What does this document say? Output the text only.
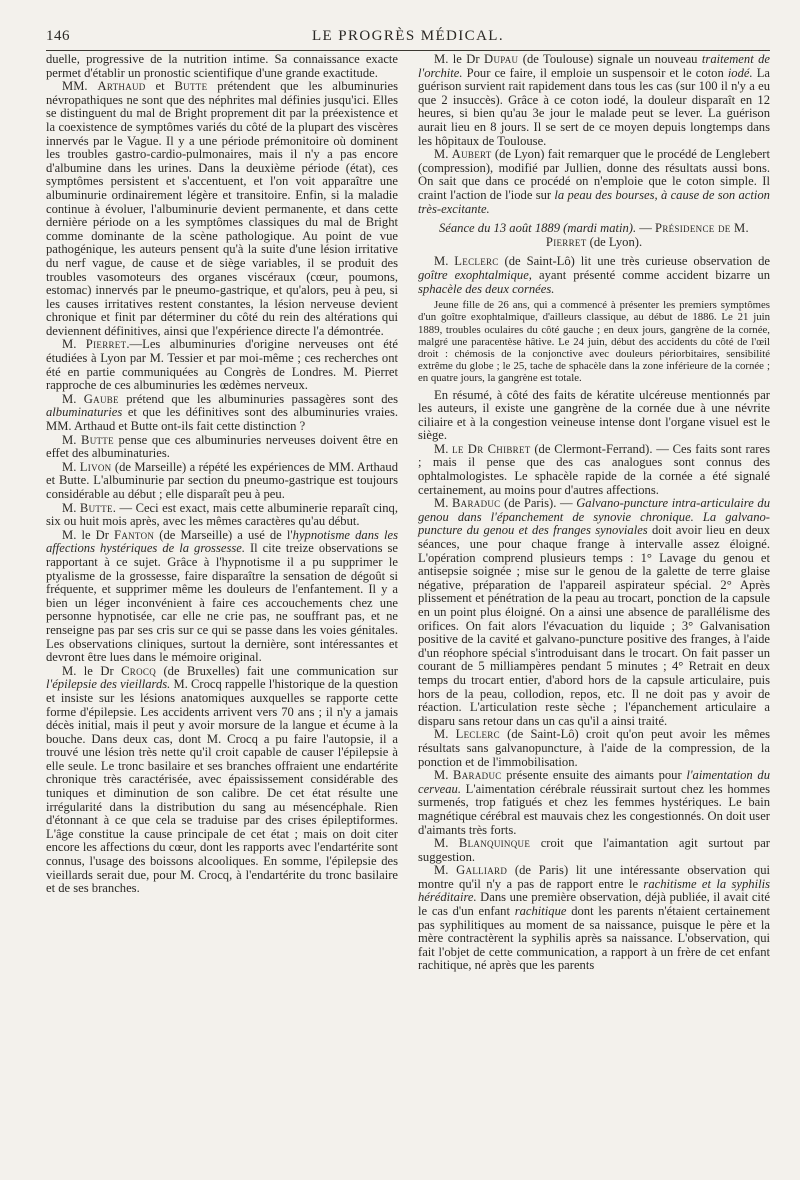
146	LE PROGRÈS MÉDICAL.

duelle, progressive de la nutrition intime. Sa connaissance exacte permet d'établir un pronostic scientifique d'une grande exactitude.

MM. Arthaud et Butte prétendent que les albuminuries névropathiques ne sont que des néphrites mal définies jusqu'ici. Elles se distinguent du mal de Bright proprement dit par la préexistence et la coexistence de symptômes variés du côté de la plupart des viscères innervés par le Vague. Il y a une période prémonitoire où dominent les troubles gastro-cardio-pulmonaires, mais il n'y a pas encore d'albumine dans les urines. Dans la deuxième période (état), ces symptômes persistent et s'accentuent, et l'on voit apparaître une albuminurie ordinairement légère et transitoire. Enfin, si la maladie continue à évoluer, l'albuminurie devient permanente, et dans cette dernière période on a les symptômes classiques du mal de Bright comme dominante de la scène pathologique. Au point de vue pathogénique, les auteurs pensent qu'à la suite d'une lésion irritative du nerf vague, de cause et de siège variables, il se produit des troubles vasomoteurs des organes viscéraux (cœur, poumons, estomac) innervés par le pneumo-gastrique, et qu'alors, peu à peu, si les causes irritatives restent constantes, la lésion nerveuse devient chronique et finit par déterminer du côté du rein des altérations qui deviennent définitives, ainsi que l'expérience directe l'a démontrée.

M. Pierret.—Les albuminuries d'origine nerveuses ont été étudiées à Lyon par M. Tessier et par moi-même ; ces recherches ont été en partie communiquées au Congrès de Londres. M. Pierret rapproche de ces albuminuries les œdèmes nerveux.

M. Gaube prétend que les albuminuries passagères sont des albuminaturies et que les définitives sont des albuminuries vraies. MM. Arthaud et Butte ont-ils fait cette distinction ?

M. Butte pense que ces albuminuries nerveuses doivent être en effet des albuminaturies.

M. Livon (de Marseille) a répété les expériences de MM. Arthaud et Butte. L'albuminurie par section du pneumo-gastrique est toujours considérable au début ; elle disparaît peu à peu.

M. Butte. — Ceci est exact, mais cette albuminerie reparaît cinq, six ou huit mois après, avec les mêmes caractères qu'au début.

M. le Dr Fanton (de Marseille) a usé de l'hypnotisme dans les affections hystériques de la grossesse. Il cite treize observations se rapportant à ce sujet. Grâce à l'hypnotisme il a pu supprimer le ptyalisme de la grossesse, faire disparaître la sensation de dégoût si fréquente, et supprimer même les douleurs de l'enfantement. Il y a bien un léger inconvénient à faire ces accouchements chez une personne hypnotisée, car elle ne crie pas, ne souffrant pas, et ne renseigne pas par ses cris sur ce qui se passe dans les voies génitales. Les observations cliniques, surtout la dernière, sont intéressantes et devront être lues dans le mémoire original.

M. le Dr Crocq (de Bruxelles) fait une communication sur l'épilepsie des vieillards. M. Crocq rappelle l'historique de la question et insiste sur les lésions anatomiques auxquelles se rapporte cette forme d'épilepsie. Les accidents arrivent vers 70 ans ; il n'y a jamais décès initial, mais il peut y avoir morsure de la langue et écume à la bouche. Dans deux cas, dont M. Crocq a pu faire l'autopsie, il a trouvé une lésion très nette qu'il croit capable de causer l'épilepsie à elle seule. Le tronc basilaire et ses branches offraient une endartérite chronique très caractérisée, avec épaississement considérable des tuniques et diminution de son calibre. De cet état résulte une irrégularité dans la distribution du sang au mésencéphale. Rien d'étonnant à ce que cela se traduise par des crises épileptiformes. L'âge constitue la cause principale de cet état ; mais on doit citer encore les affections du cœur, dont les rapports avec l'endartérite sont connus, l'usage des boissons alcooliques. En somme, l'épilepsie des vieillards serait due, pour M. Crocq, à l'endartérite du tronc basilaire et de ses branches.

M. le Dr Dupau (de Toulouse) signale un nouveau traitement de l'orchite. Pour ce faire, il emploie un suspensoir et le coton iodé. La guérison survient rait rapidement dans tous les cas (sur 100 il n'y a eu que 2 insuccès). Grâce à ce coton iodé, la douleur disparaît en 12 heures, si bien qu'au 3e jour le malade peut se lever. La guérison aurait lieu en 8 jours. Il se sert de ce moyen depuis longtemps dans les hôpitaux de Toulouse.

M. Aubert (de Lyon) fait remarquer que le procédé de Lenglebert (compression), modifié par Jullien, donne des résultats aussi bons. On sait que dans ce procédé on n'emploie que le coton simple. Il craint l'action de l'iode sur la peau des bourses, à cause de son action très-excitante.

Séance du 13 août 1889 (mardi matin). — Présidence de M. Pierret (de Lyon).

M. Leclerc (de Saint-Lô) lit une très curieuse observation de goître exophtalmique, ayant présenté comme accident bizarre un sphacèle des deux cornées.

Jeune fille de 26 ans, qui a commencé à présenter les premiers symptômes d'un goître exophtalmique, d'ailleurs classique, au début de 1886. Le 21 juin 1889, troubles oculaires du côté gauche ; en deux jours, gangrène de la cornée, malgré une paracentèse hâtive. Le 24 juin, début des accidents du côté de l'œil droit : chémosis de la conjonctive avec douleurs périorbitaires, sensibilité extrême du globe ; le 25, tache de sphacèle dans la zone inférieure de la cornée ; en quatre jours, la gangrène est totale.

En résumé, à côté des faits de kératite ulcéreuse mentionnés par les auteurs, il existe une gangrène de la cornée due à une névrite ciliaire et à la congestion veineuse intense dont l'organe visuel est le siège.

M. le Dr Chibret (de Clermont-Ferrand). — Ces faits sont rares ; mais il pense que des cas analogues sont connus des ophtalmologistes. Le sphacèle rapide de la cornée a été signalé certainement, au moins pour d'autres affections.

M. Baraduc (de Paris). — Galvano-puncture intra-articulaire du genou dans l'épanchement de synovie chronique. La galvano-puncture du genou et des franges synoviales doit avoir lieu en deux séances, une pour chaque frange à intervalle assez éloigné. L'opération comprend plusieurs temps : 1° Lavage du genou et antisepsie soignée ; mise sur le genou de la galette de terre glaise négative, préparation de l'appareil aspirateur spécial. 2° Après plissement et pénétration de la peau au trocart, ponction de la capsule en un point plus éloigné. On a ainsi une absence de parallélisme des orifices. On fait alors l'évacuation du liquide ; 3° Galvanisation positive de la cavité et galvano-puncture positive des franges, à l'aide d'un réophore spécial s'introduisant dans le trocart. On fait passer un courant de 5 milliampères pendant 5 minutes ; 4° Retrait en deux temps du trocart entier, d'abord hors de la capsule articulaire, puis hors de la peau, collodion, repos, etc. Il ne doit pas y avoir de réaction. L'articulation reste sèche ; l'épanchement articulaire a disparu sans retour dans un cas qu'il a ainsi traité.

M. Leclerc (de Saint-Lô) croit qu'on peut avoir les mêmes résultats sans galvanopuncture, à l'aide de la compression, de la ponction et de l'immobilisation.

M. Baraduc présente ensuite des aimants pour l'aimentation du cerveau. L'aimentation cérébrale réussirait surtout chez les hommes surmenés, trop fatigués et chez les femmes hystériques. Le bain magnétique cérébral est mauvais chez les congestionnés. On doit user d'aimants très forts.

M. Blanquinque croit que l'aimantation agit surtout par suggestion.

M. Galliard (de Paris) lit une intéressante observation qui montre qu'il n'y a pas de rapport entre le rachitisme et la syphilis héréditaire. Dans une première observation, déjà publiée, il avait cité le cas d'un enfant rachitique dont les parents n'étaient certainement pas syphilitiques au moment de sa naissance, puisque le père et la mère contractèrent la syphilis après sa naissance. L'observation, qui fait l'objet de cette communication, a rapport à un frère de cet enfant rachitique, né après que les parents
